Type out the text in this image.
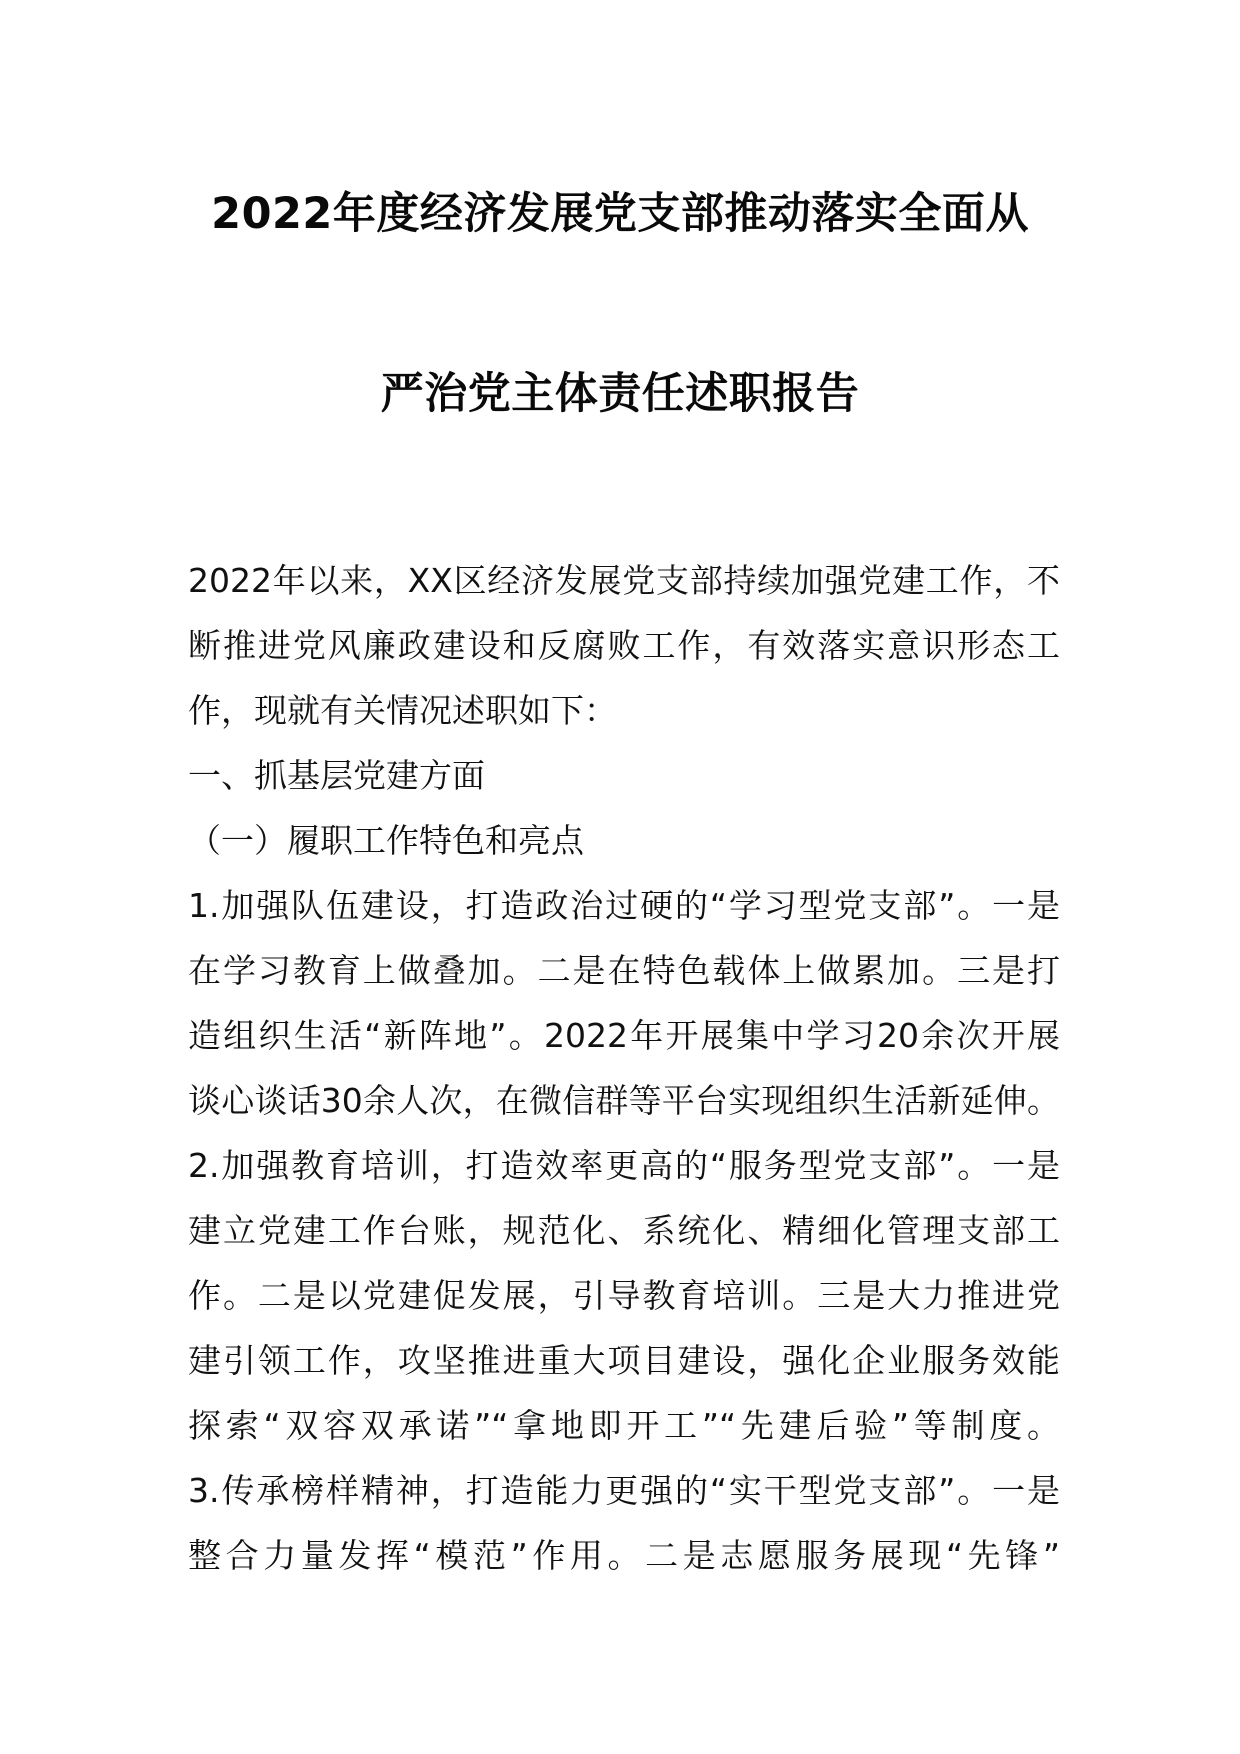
2022年度经济发展党支部推动落实全面从
严治党主体责任述职报告
2022年以来，XX区经济发展党支部持续加强党建工作，不
断推进党风廉政建设和反腐败工作，有效落实意识形态工
作，现就有关情况述职如下：
一、抓基层党建方面
（一）履职工作特色和亮点
1.加强队伍建设，打造政治过硬的“学习型党支部”。一是
在学习教育上做叠加。二是在特色载体上做累加。三是打
造组织生活“新阵地”。2022年开展集中学习20余次开展
谈心谈话30余人次，在微信群等平台实现组织生活新延伸。
2.加强教育培训，打造效率更高的“服务型党支部”。一是
建立党建工作台账，规范化、系统化、精细化管理支部工
作。二是以党建促发展，引导教育培训。三是大力推进党
建引领工作，攻坚推进重大项目建设，强化企业服务效能
探索“双容双承诺”“拿地即开工”“先建后验”等制度。
3.传承榜样精神，打造能力更强的“实干型党支部”。一是
整合力量发挥“模范”作用。二是志愿服务展现“先锋”
